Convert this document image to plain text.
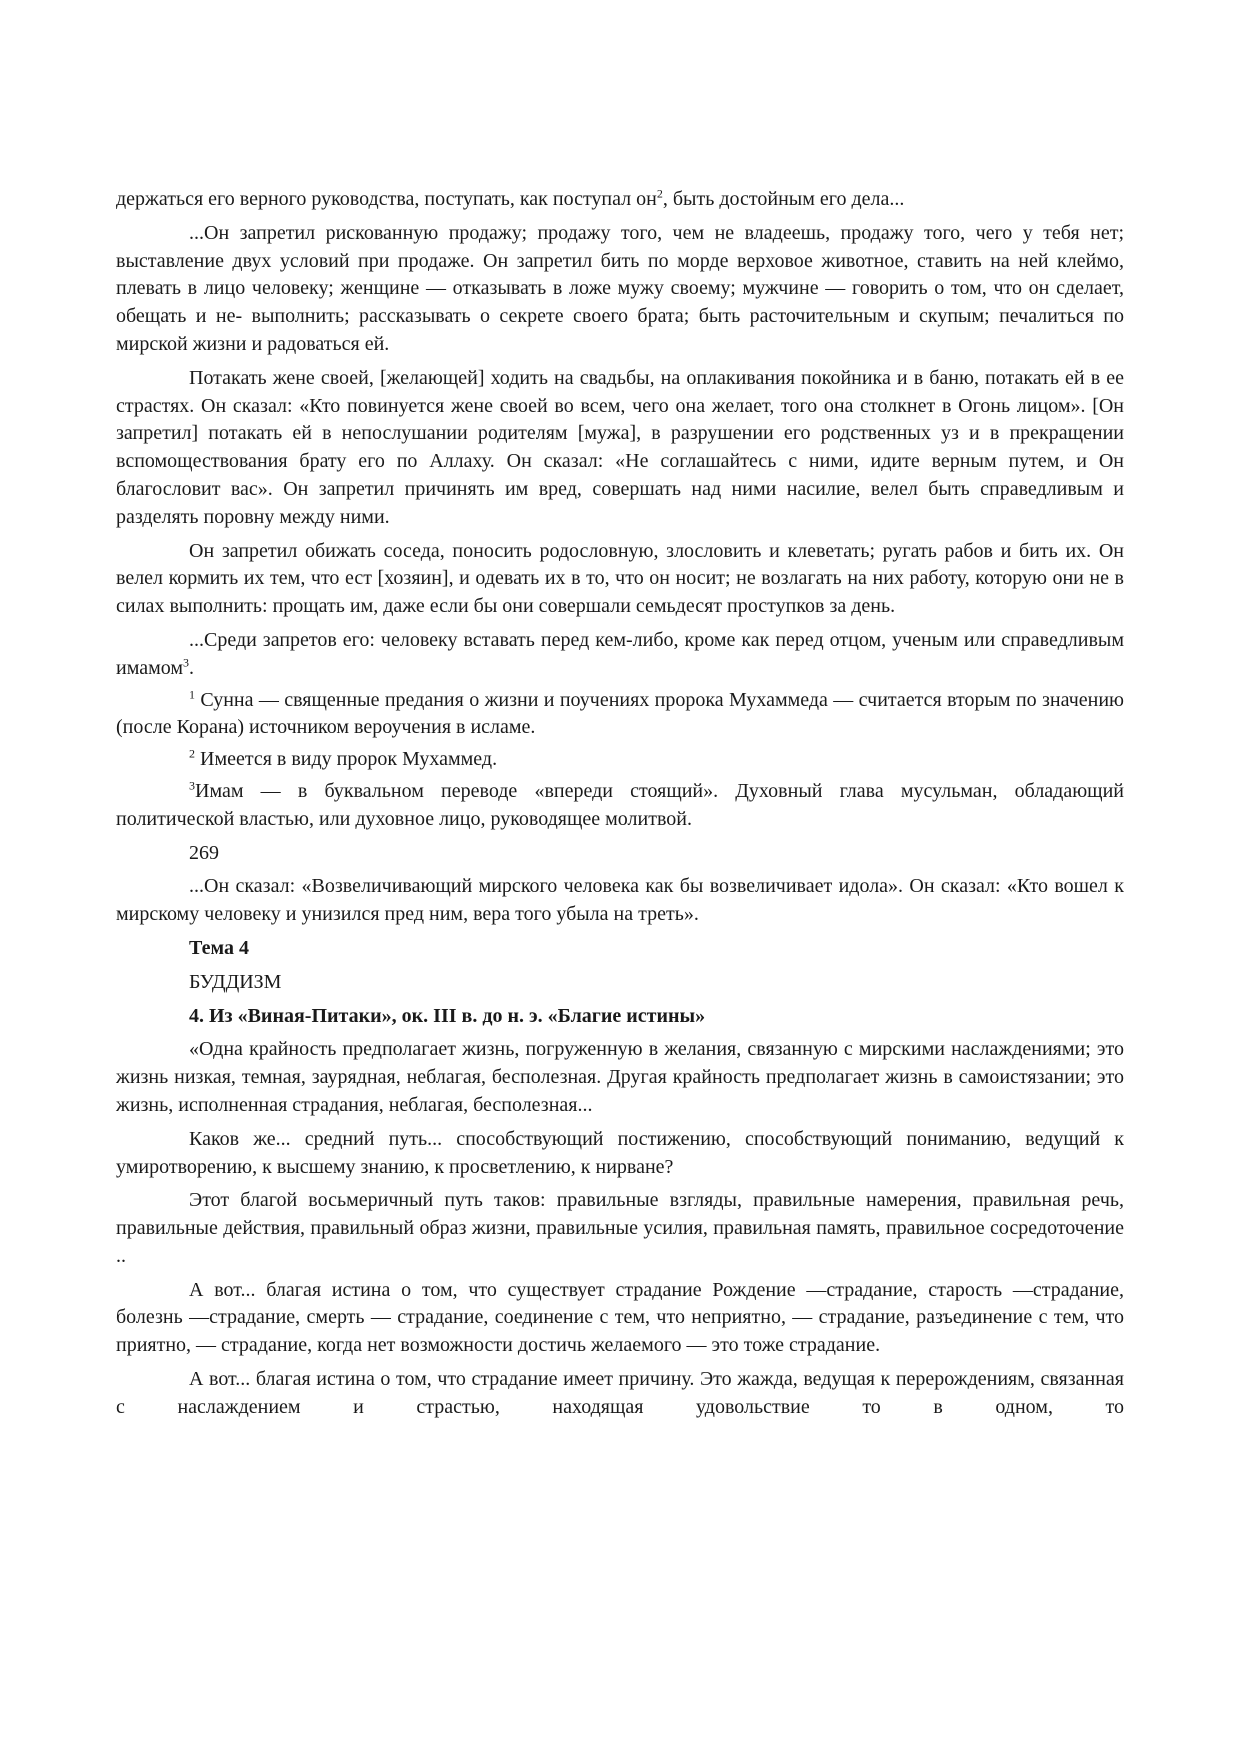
держаться его верного руководства, поступать, как поступал $он^2$, быть достойным его дела...

...Он запретил рискованную продажу; продажу того, чем не владеешь, продажу того, чего у тебя нет; выставление двух условий при продаже. Он запретил бить по морде верховое животное, ставить на ней клеймо, плевать в лицо человеку; женщине — отказывать в ложе мужу своему; мужчине — говорить о том, что он сделает, обещать и не- выполнить; рассказывать о секрете своего брата; быть расточительным и скупым; печалиться по мирской жизни и радоваться ей.

Потакать жене своей, [желающей] ходить на свадьбы, на оплакивания покойника и в баню, потакать ей в ее страстях. Он сказал: «Кто повинуется жене своей во всем, чего она желает, того она столкнет в Огонь лицом». [Он запретил] потакать ей в непослушании родителям [мужа], в разрушении его родственных уз и в прекращении вспомоществования брату его по Аллаху. Он сказал: «Не соглашайтесь с ними, идите верным путем, и Он благословит вас». Он запретил причинять им вред, совершать над ними насилие, велел быть справедливым и разделять поровну между ними.

Он запретил обижать соседа, поносить родословную, злословить и клеветать; ругать рабов и бить их. Он велел кормить их тем, что ест [хозяин], и одевать их в то, что он носит; не возлагать на них работу, которую они не в силах выполнить: прощать им, даже если бы они совершали семьдесят проступков за день.

...Среди запретов его: человеку вставать перед кем-либо, кроме как перед отцом, ученым или справедливым имамом$^3$.

$^1$ Сунна — священные предания о жизни и поучениях пророка Мухаммеда — считается вторым по значению (после Корана) источником вероучения в исламе.

$^2$ Имеется в виду пророк Мухаммед.

$^3$Имам — в буквальном переводе «впереди стоящий». Духовный глава мусульман, обладающий политической властью, или духовное лицо, руководящее молитвой.

269

...Он сказал: «Возвеличивающий мирского человека как бы возвеличивает идола». Он сказал: «Кто вошел к мирскому человеку и унизился пред ним, вера того убыла на треть».

Тема 4

БУДДИЗМ

4. Из «Виная-Питаки», ок. III в. до н. э. «Благие истины»

«Одна крайность предполагает жизнь, погруженную в желания, связанную с мирскими наслаждениями; это жизнь низкая, темная, заурядная, неблагая, бесполезная. Другая крайность предполагает жизнь в самоистязании; это жизнь, исполненная страдания, неблагая, бесполезная...

Каков же... средний путь... способствующий постижению, способствующий пониманию, ведущий к умиротворению, к высшему знанию, к просветлению, к нирване?

Этот благой восьмеричный путь таков: правильные взгляды, правильные намерения, правильная речь, правильные действия, правильный образ жизни, правильные усилия, правильная память, правильное сосредоточение ..

А вот... благая истина о том, что существует страдание Рождение —страдание, старость —страдание, болезнь —страдание, смерть — страдание, соединение с тем, что неприятно, — страдание, разъединение с тем, что приятно, — страдание, когда нет возможности достичь желаемого — это тоже страдание.

А вот... благая истина о том, что страдание имеет причину. Это жажда, ведущая к перерождениям, связанная с наслаждением и страстью, находящая удовольствие то в одном, то
